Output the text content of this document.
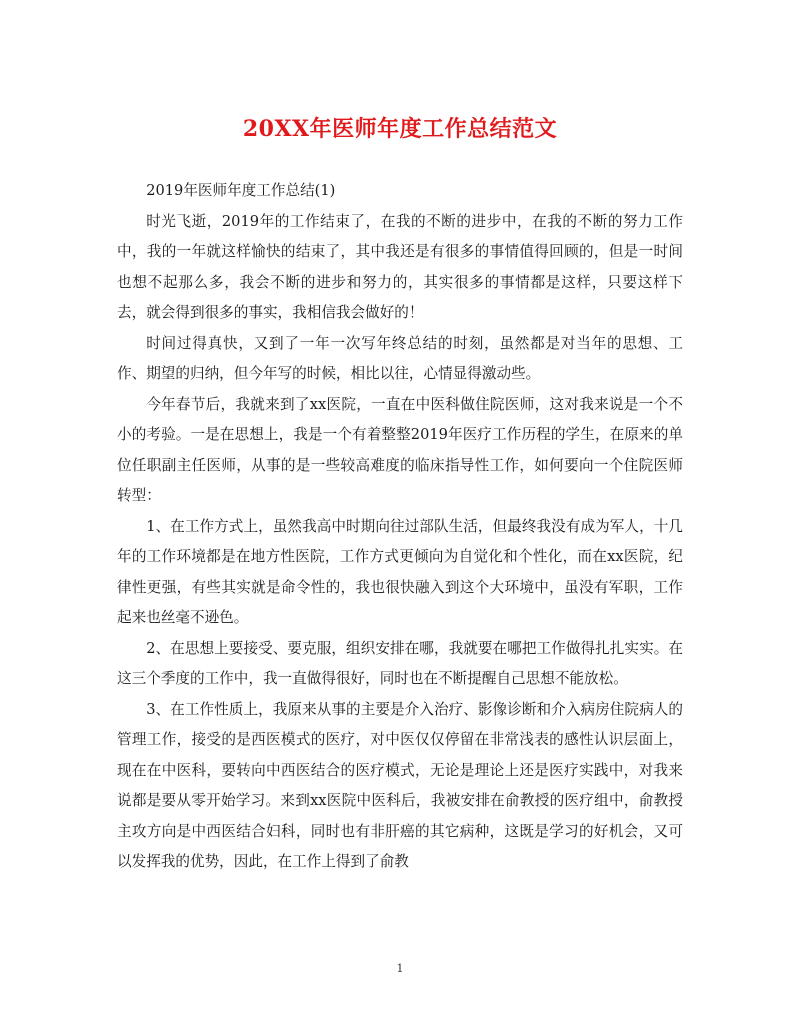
20XX年医师年度工作总结范文

2019年医师年度工作总结(1)

时光飞逝，2019年的工作结束了，在我的不断的进步中，在我的不断的努力工作中，我的一年就这样愉快的结束了，其中我还是有很多的事情值得回顾的，但是一时间也想不起那么多，我会不断的进步和努力的，其实很多的事情都是这样，只要这样下去，就会得到很多的事实，我相信我会做好的！

时间过得真快，又到了一年一次写年终总结的时刻，虽然都是对当年的思想、工作、期望的归纳，但今年写的时候，相比以往，心情显得激动些。

今年春节后，我就来到了xx医院，一直在中医科做住院医师，这对我来说是一个不小的考验。一是在思想上，我是一个有着整整2019年医疗工作历程的学生，在原来的单位任职副主任医师，从事的是一些较高难度的临床指导性工作，如何要向一个住院医师转型：

1、在工作方式上，虽然我高中时期向往过部队生活，但最终我没有成为军人，十几年的工作环境都是在地方性医院，工作方式更倾向为自觉化和个性化，而在xx医院，纪律性更强，有些其实就是命令性的，我也很快融入到这个大环境中，虽没有军职，工作起来也丝毫不逊色。

2、在思想上要接受、要克服，组织安排在哪，我就要在哪把工作做得扎扎实实。在这三个季度的工作中，我一直做得很好，同时也在不断提醒自己思想不能放松。

3、在工作性质上，我原来从事的主要是介入治疗、影像诊断和介入病房住院病人的管理工作，接受的是西医模式的医疗，对中医仅仅停留在非常浅表的感性认识层面上，现在在中医科，要转向中西医结合的医疗模式，无论是理论上还是医疗实践中，对我来说都是要从零开始学习。来到xx医院中医科后，我被安排在俞教授的医疗组中，俞教授主攻方向是中西医结合妇科，同时也有非肝癌的其它病种，这既是学习的好机会，又可以发挥我的优势，因此，在工作上得到了俞教

1
